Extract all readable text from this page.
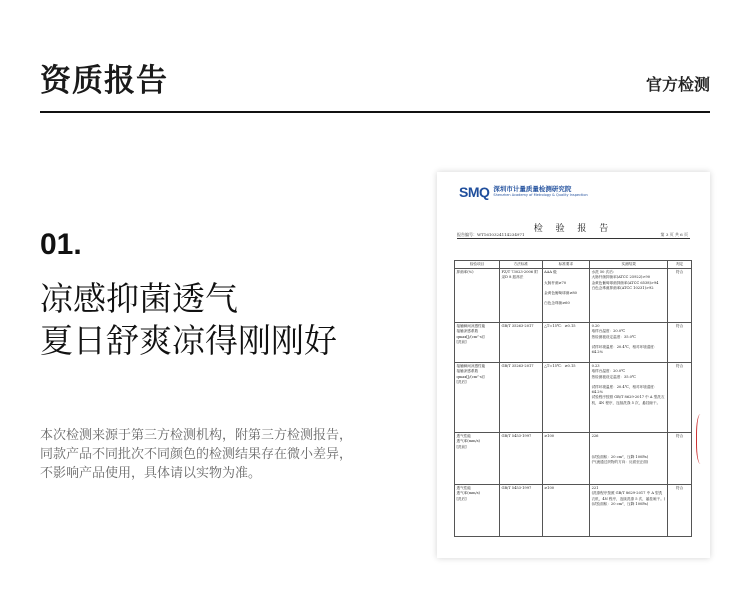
资质报告	官方检测
01.
凉感抑菌透气
夏日舒爽凉得刚刚好
本次检测来源于第三方检测机构，附第三方检测报告，
同款产品不同批次不同颜色的检测结果存在微小差异，
不影响产品使用，具体请以实物为准。
SMQ 深圳市计量质量检测研究院
Shenzhen Academy of Metrology & Quality Inspection
检 验 报 告
报告编号：WT1610324114234971	第 3 页 共 6 页
检验项目	方法标准	标准要求	实测结果	判定
抑菌率(%)	FZ/T 73023-2006 附录D 8 振荡法	AAA 级

大肠杆菌≥70

金黄色葡萄球菌≥80

白色念珠菌≥60	水洗 50 次后:
大肠杆菌抑菌率(ATCC 25922)>90
金黄色葡萄球菌抑菌率(ATCC 6538)>94
白色念珠菌抑菌率(ATCC 10231)>92	符合
接触瞬间凉感性能
接触凉感系数
qmax[J/(cm²·s)]
[洗前]	GB/T 35263-2017	△T=15℃：≥0.15	0.20
取样台温度：20.0℃
热检测板设定温度：35.0℃

试样环境温度：20.4℃，相对环境湿度：64.2%	符合
接触瞬间凉感性能
接触凉感系数
qmax[J/(cm²·s)]
[洗后]	GB/T 35263-2017	△T=15℃：≥0.15	0.23
取样台温度：20.0℃
热检测板设定温度：35.0℃

试样环境温度：20.4℃，相对环境湿度：64.2%
试验程序按照 GB/T 8629-2017 中 A 型洗衣机，4N 程序，连续洗涤 5 次，悬挂晾干。	符合
透气性能
透气率(mm/s)
[洗前]	GB/T 5453-1997	≥100	226

(试验面积：20 cm²，压降 100Pa)
(气流通过织物的方向：反面至正面)	符合
透气性能
透气率(mm/s)
[洗后]	GB/T 5453-1997	≥100	221
(洗涤程序按照 GB/T 8629-2017 中 A 型洗衣机，4N 程序，连续洗涤 5 次，悬挂晾干。)
(试验面积：20 cm²，压降 100Pa)	符合
